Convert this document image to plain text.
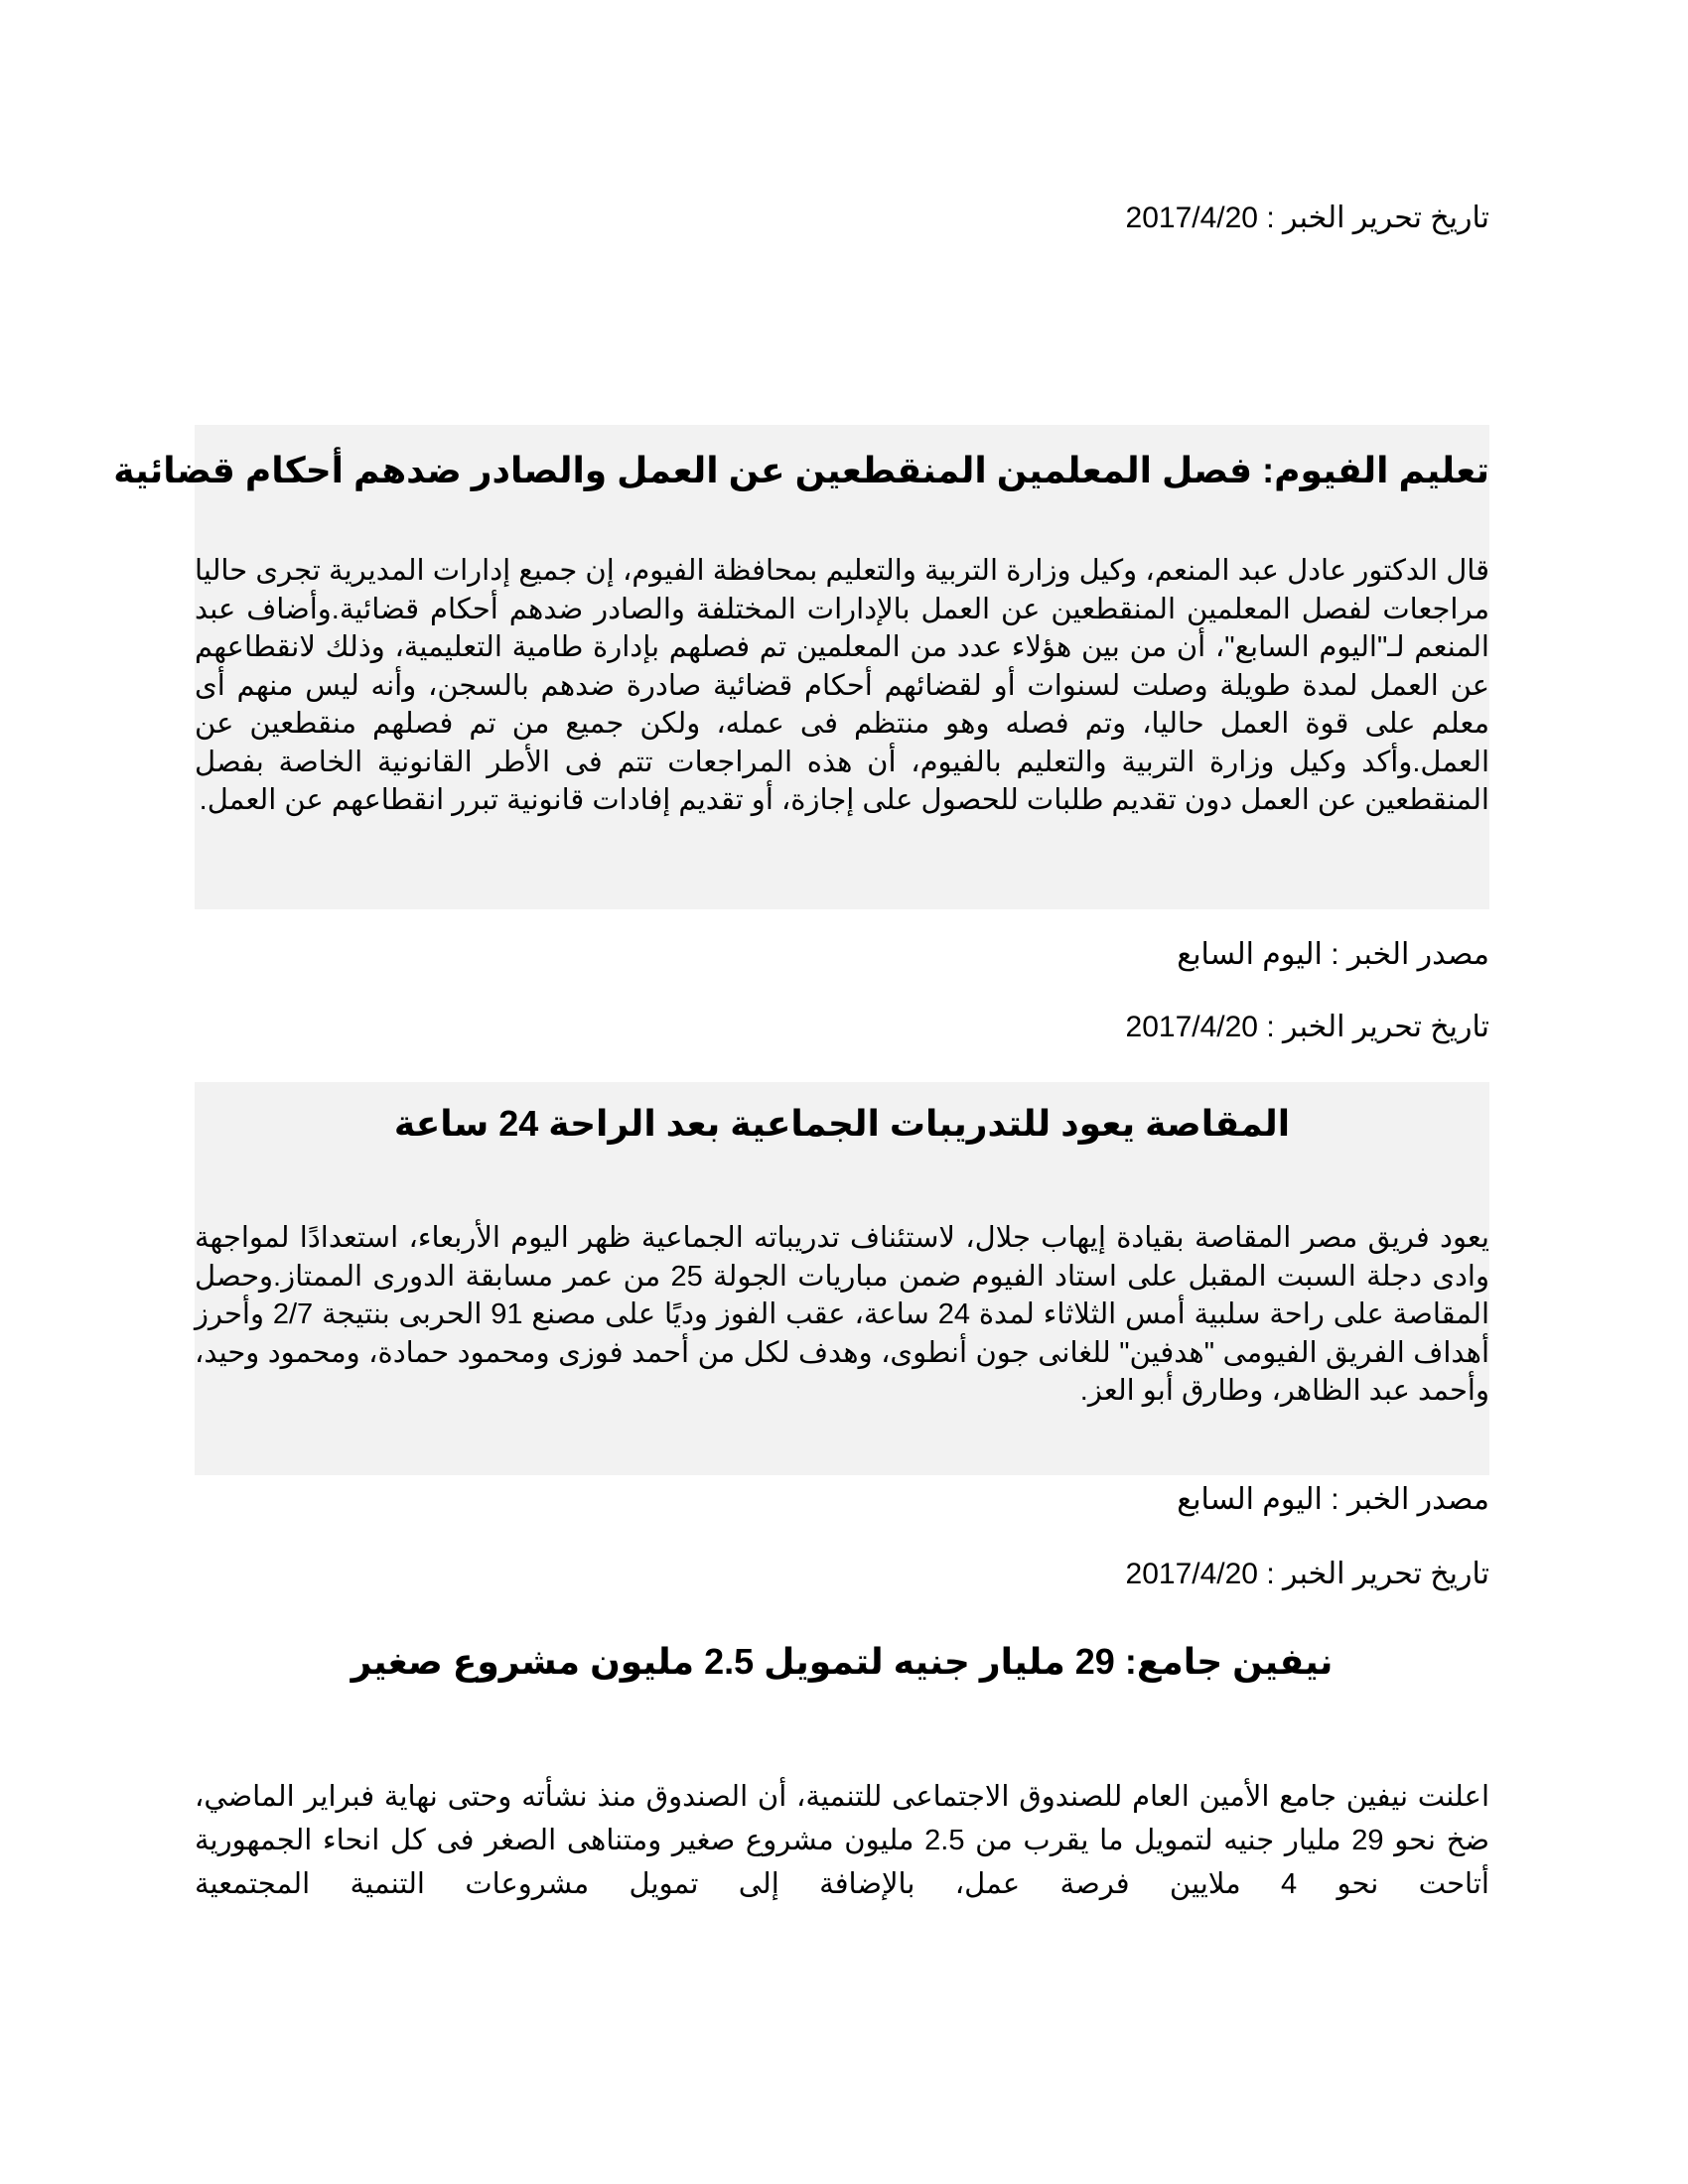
تاريخ تحرير الخبر : 2017/4/20
تعليم الفيوم: فصل المعلمين المنقطعين عن العمل والصادر ضدهم أحكام قضائية

قال الدكتور عادل عبد المنعم، وكيل وزارة التربية والتعليم بمحافظة الفيوم، إن جميع إدارات المديرية تجرى حاليا مراجعات لفصل المعلمين المنقطعين عن العمل بالإدارات المختلفة والصادر ضدهم أحكام قضائية.وأضاف عبد المنعم لـ"اليوم السابع"، أن من بين هؤلاء عدد من المعلمين تم فصلهم بإدارة طامية التعليمية، وذلك لانقطاعهم عن العمل لمدة طويلة وصلت لسنوات أو لقضائهم أحكام قضائية صادرة ضدهم بالسجن، وأنه ليس منهم أى معلم على قوة العمل حاليا، وتم فصله وهو منتظم فى عمله، ولكن جميع من تم فصلهم منقطعين عن العمل.وأكد وكيل وزارة التربية والتعليم بالفيوم، أن هذه المراجعات تتم فى الأطر القانونية الخاصة بفصل المنقطعين عن العمل دون تقديم طلبات للحصول على إجازة، أو تقديم إفادات قانونية تبرر انقطاعهم عن العمل.

مصدر الخبر : اليوم السابع
تاريخ تحرير الخبر : 2017/4/20
المقاصة يعود للتدريبات الجماعية بعد الراحة 24 ساعة

يعود فريق مصر المقاصة بقيادة إيهاب جلال، لاستئناف تدريباته الجماعية ظهر اليوم الأربعاء، استعدادًا لمواجهة وادى دجلة السبت المقبل على استاد الفيوم ضمن مباريات الجولة 25 من عمر مسابقة الدورى الممتاز.وحصل المقاصة على راحة سلبية أمس الثلاثاء لمدة 24 ساعة، عقب الفوز وديًا على مصنع 91 الحربى بنتيجة 2/7 وأحرز أهداف الفريق الفيومى "هدفين" للغانى جون أنطوى، وهدف لكل من أحمد فوزى ومحمود حمادة، ومحمود وحيد، وأحمد عبد الظاهر، وطارق أبو العز.

مصدر الخبر : اليوم السابع
تاريخ تحرير الخبر : 2017/4/20
نيفين جامع: 29 مليار جنيه لتمويل 2.5 مليون مشروع صغير

اعلنت نيفين جامع الأمين العام للصندوق الاجتماعى للتنمية، أن الصندوق منذ نشأته وحتى نهاية فبراير الماضي، ضخ نحو 29 مليار جنيه لتمويل ما يقرب من 2.5 مليون مشروع صغير ومتناهى الصغر فى كل انحاء الجمهورية أتاحت نحو 4 ملايين فرصة عمل، بالإضافة إلى تمويل مشروعات التنمية المجتمعية
